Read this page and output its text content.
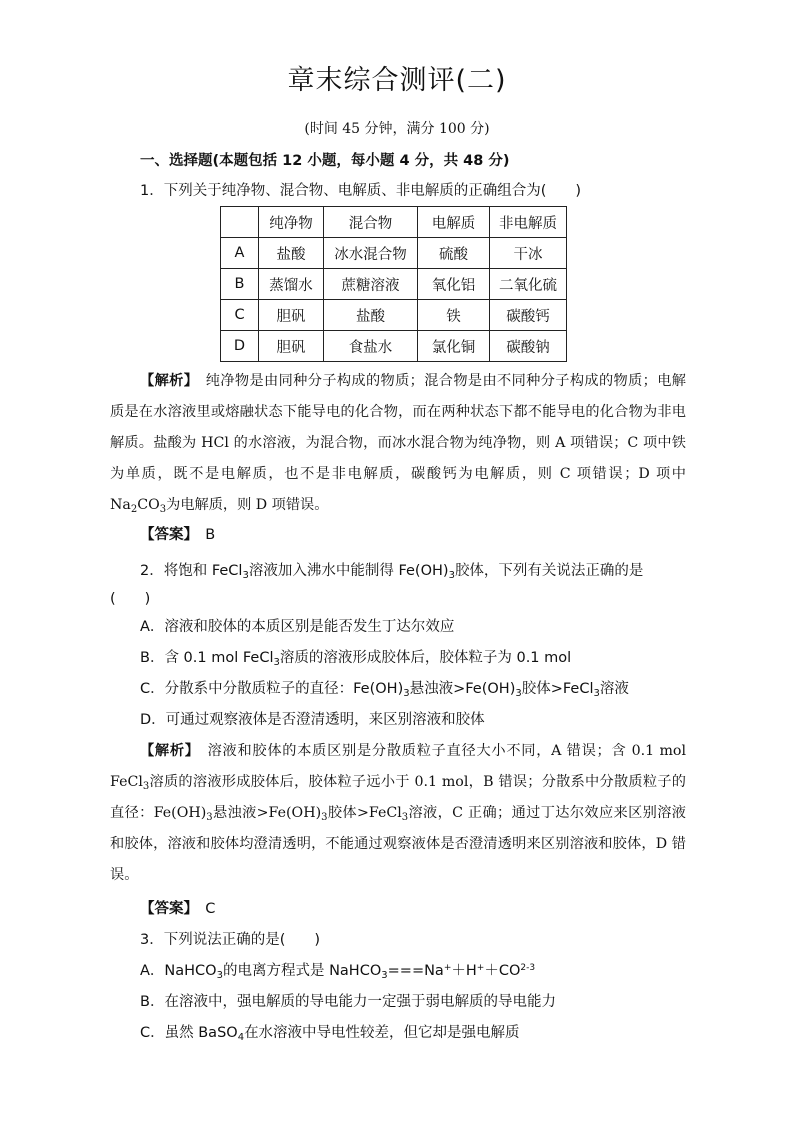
章末综合测评(二)
(时间 45 分钟，满分 100 分)
一、选择题(本题包括 12 小题，每小题 4 分，共 48 分)
1．下列关于纯净物、混合物、电解质、非电解质的正确组合为(　　)
	纯净物	混合物	电解质	非电解质
A	盐酸	冰水混合物	硫酸	干冰
B	蒸馏水	蔗糖溶液	氧化铝	二氧化硫
C	胆矾	盐酸	铁	碳酸钙
D	胆矾	食盐水	氯化铜	碳酸钠
【解析】　 纯净物是由同种分子构成的物质；混合物是由不同种分子构成的物质；电解质是在水溶液里或熔融状态下能导电的化合物，而在两种状态下都不能导电的化合物为非电解质。盐酸为 HCl 的水溶液，为混合物，而冰水混合物为纯净物，则 A 项错误；C 项中铁为单质，既不是电解质，也不是非电解质，碳酸钙为电解质，则 C 项错误；D 项中 $Na_2CO_3$为电解质，则 D 项错误。
【答案】　 B
2．将饱和 FeCl$_3$溶液加入沸水中能制得 $Fe(OH)_3$胶体，下列有关说法正确的是
(　　)
A．溶液和胶体的本质区别是能否发生丁达尔效应
B．含 0.1 mol FeCl$_3$溶质的溶液形成胶体后，胶体粒子为 0.1 mol
C．分散系中分散质粒子的直径：$Fe(OH)_3$悬浊液$>Fe(OH)_3$胶体>FeCl$_3$溶液
D．可通过观察液体是否澄清透明，来区别溶液和胶体
【解析】　 溶液和胶体的本质区别是分散质粒子直径大小不同，A 错误；含 0.1 mol FeCl$_3$溶质的溶液形成胶体后，胶体粒子远小于 0.1 mol，B 错误；分散系中分散质粒子的直径：$Fe(OH)_3$悬浊液$>Fe(OH)_3$胶体>FeCl$_3$溶液，C 正确；通过丁达尔效应来区别溶液和胶体，溶液和胶体均澄清透明，不能通过观察液体是否澄清透明来区别溶液和胶体，D 错误。
【答案】　 C
3．下列说法正确的是(　　)
A．NaHCO$_3$的电离方程式是 $NaHCO_3===Na^++H^++CO^{2-3}$
B．在溶液中，强电解质的导电能力一定强于弱电解质的导电能力
C．虽然 BaSO$_4$在水溶液中导电性较差，但它却是强电解质
